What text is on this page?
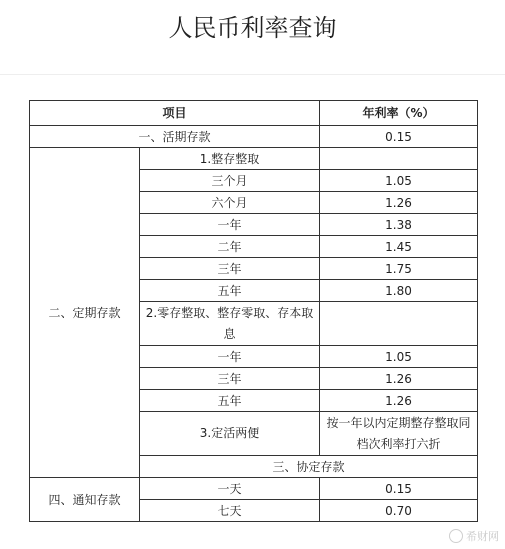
人民币利率查询
项目		年利率（%）	
一、活期存款		0.15	
二、定期存款	1.整存整取		
	三个月	1.05	
	六个月	1.26	
	一年	1.38	
	二年	1.45	
	三年	1.75	
	五年	1.80	
	2.零存整取、整存零取、存本取息		
	一年	1.05	
	三年	1.26	
	五年	1.26	
	3.定活两便	按一年以内定期整存整取同档次利率打六折	
	三、协定存款	
四、通知存款	一天	0.15	
	七天	0.70	
希财网
